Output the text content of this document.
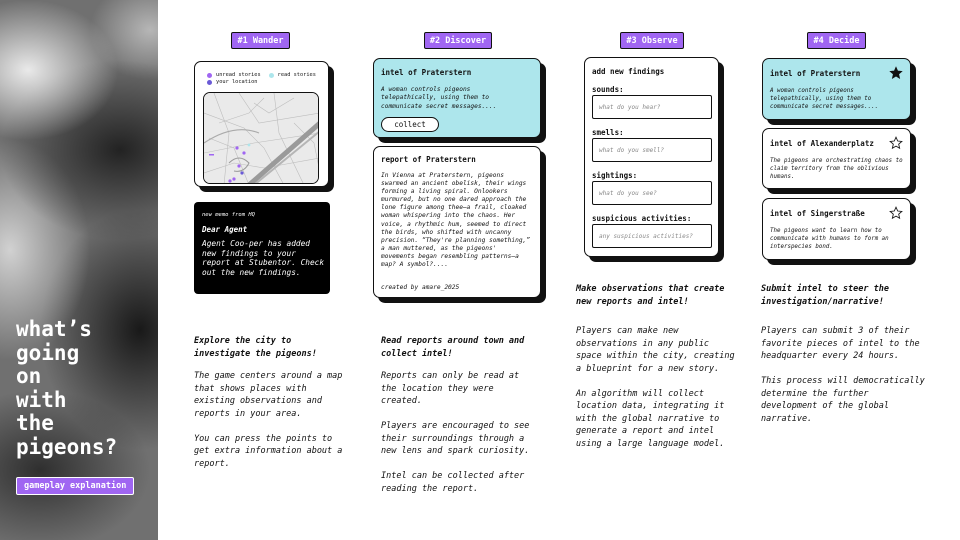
what’s
going
on
with
the
pigeons?
gameplay explanation
#1 Wander	#2 Discover	#3 Observe	#4 Decide
unread stories	read stories
your location
new memo from HQ
Dear Agent
Agent Coo-per has added new findings to your report at Stubentor. Check out the new findings.
intel of Praterstern
A woman controls pigeons telepathically, using them to communicate secret messages....
collect
report of Praterstern
In Vienna at Praterstern, pigeons swarmed an ancient obelisk, their wings forming a living spiral. Onlookers murmured, but no one dared approach the lone figure among thee—a frail, cloaked woman whispering into the chaos. Her voice, a rhythmic hum, seemed to direct the birds, who shifted with uncanny precision. “They're planning something,” a man muttered, as the pigeons' movements began resembling patterns—a map? A symbol?....
created by amare_2025
add new findings
sounds:
what do you hear?
smells:
what do you smell?
sightings:
what do you see?
suspicious activities:
any suspicious activities?
intel of Praterstern
A woman controls pigeons telepathically, using them to communicate secret messages....
intel of Alexanderplatz
The pigeons are orchestrating chaos to claim territory from the oblivious humans.
intel of Singerstraße
The pigeons want to learn how to communicate with humans to form an interspecies bond.
Explore the city to investigate the pigeons!

The game centers around a map that shows places with existing observations and reports in your area.

You can press the points to get extra information about a report.

Read reports around town and collect intel!

Reports can only be read at the location they were created.

Players are encouraged to see their surroundings through a new lens and spark curiosity.

Intel can be collected after reading the report.

Make observations that create new reports and intel!

Players can make new observations in any public space within the city, creating a blueprint for a new story.

An algorithm will collect location data, integrating it with the global narrative to generate a report and intel using a large language model.

Submit intel to steer the investigation/narrative!

Players can submit 3 of their favorite pieces of intel to the headquarter every 24 hours.

This process will democratically determine the further development of the global narrative.
